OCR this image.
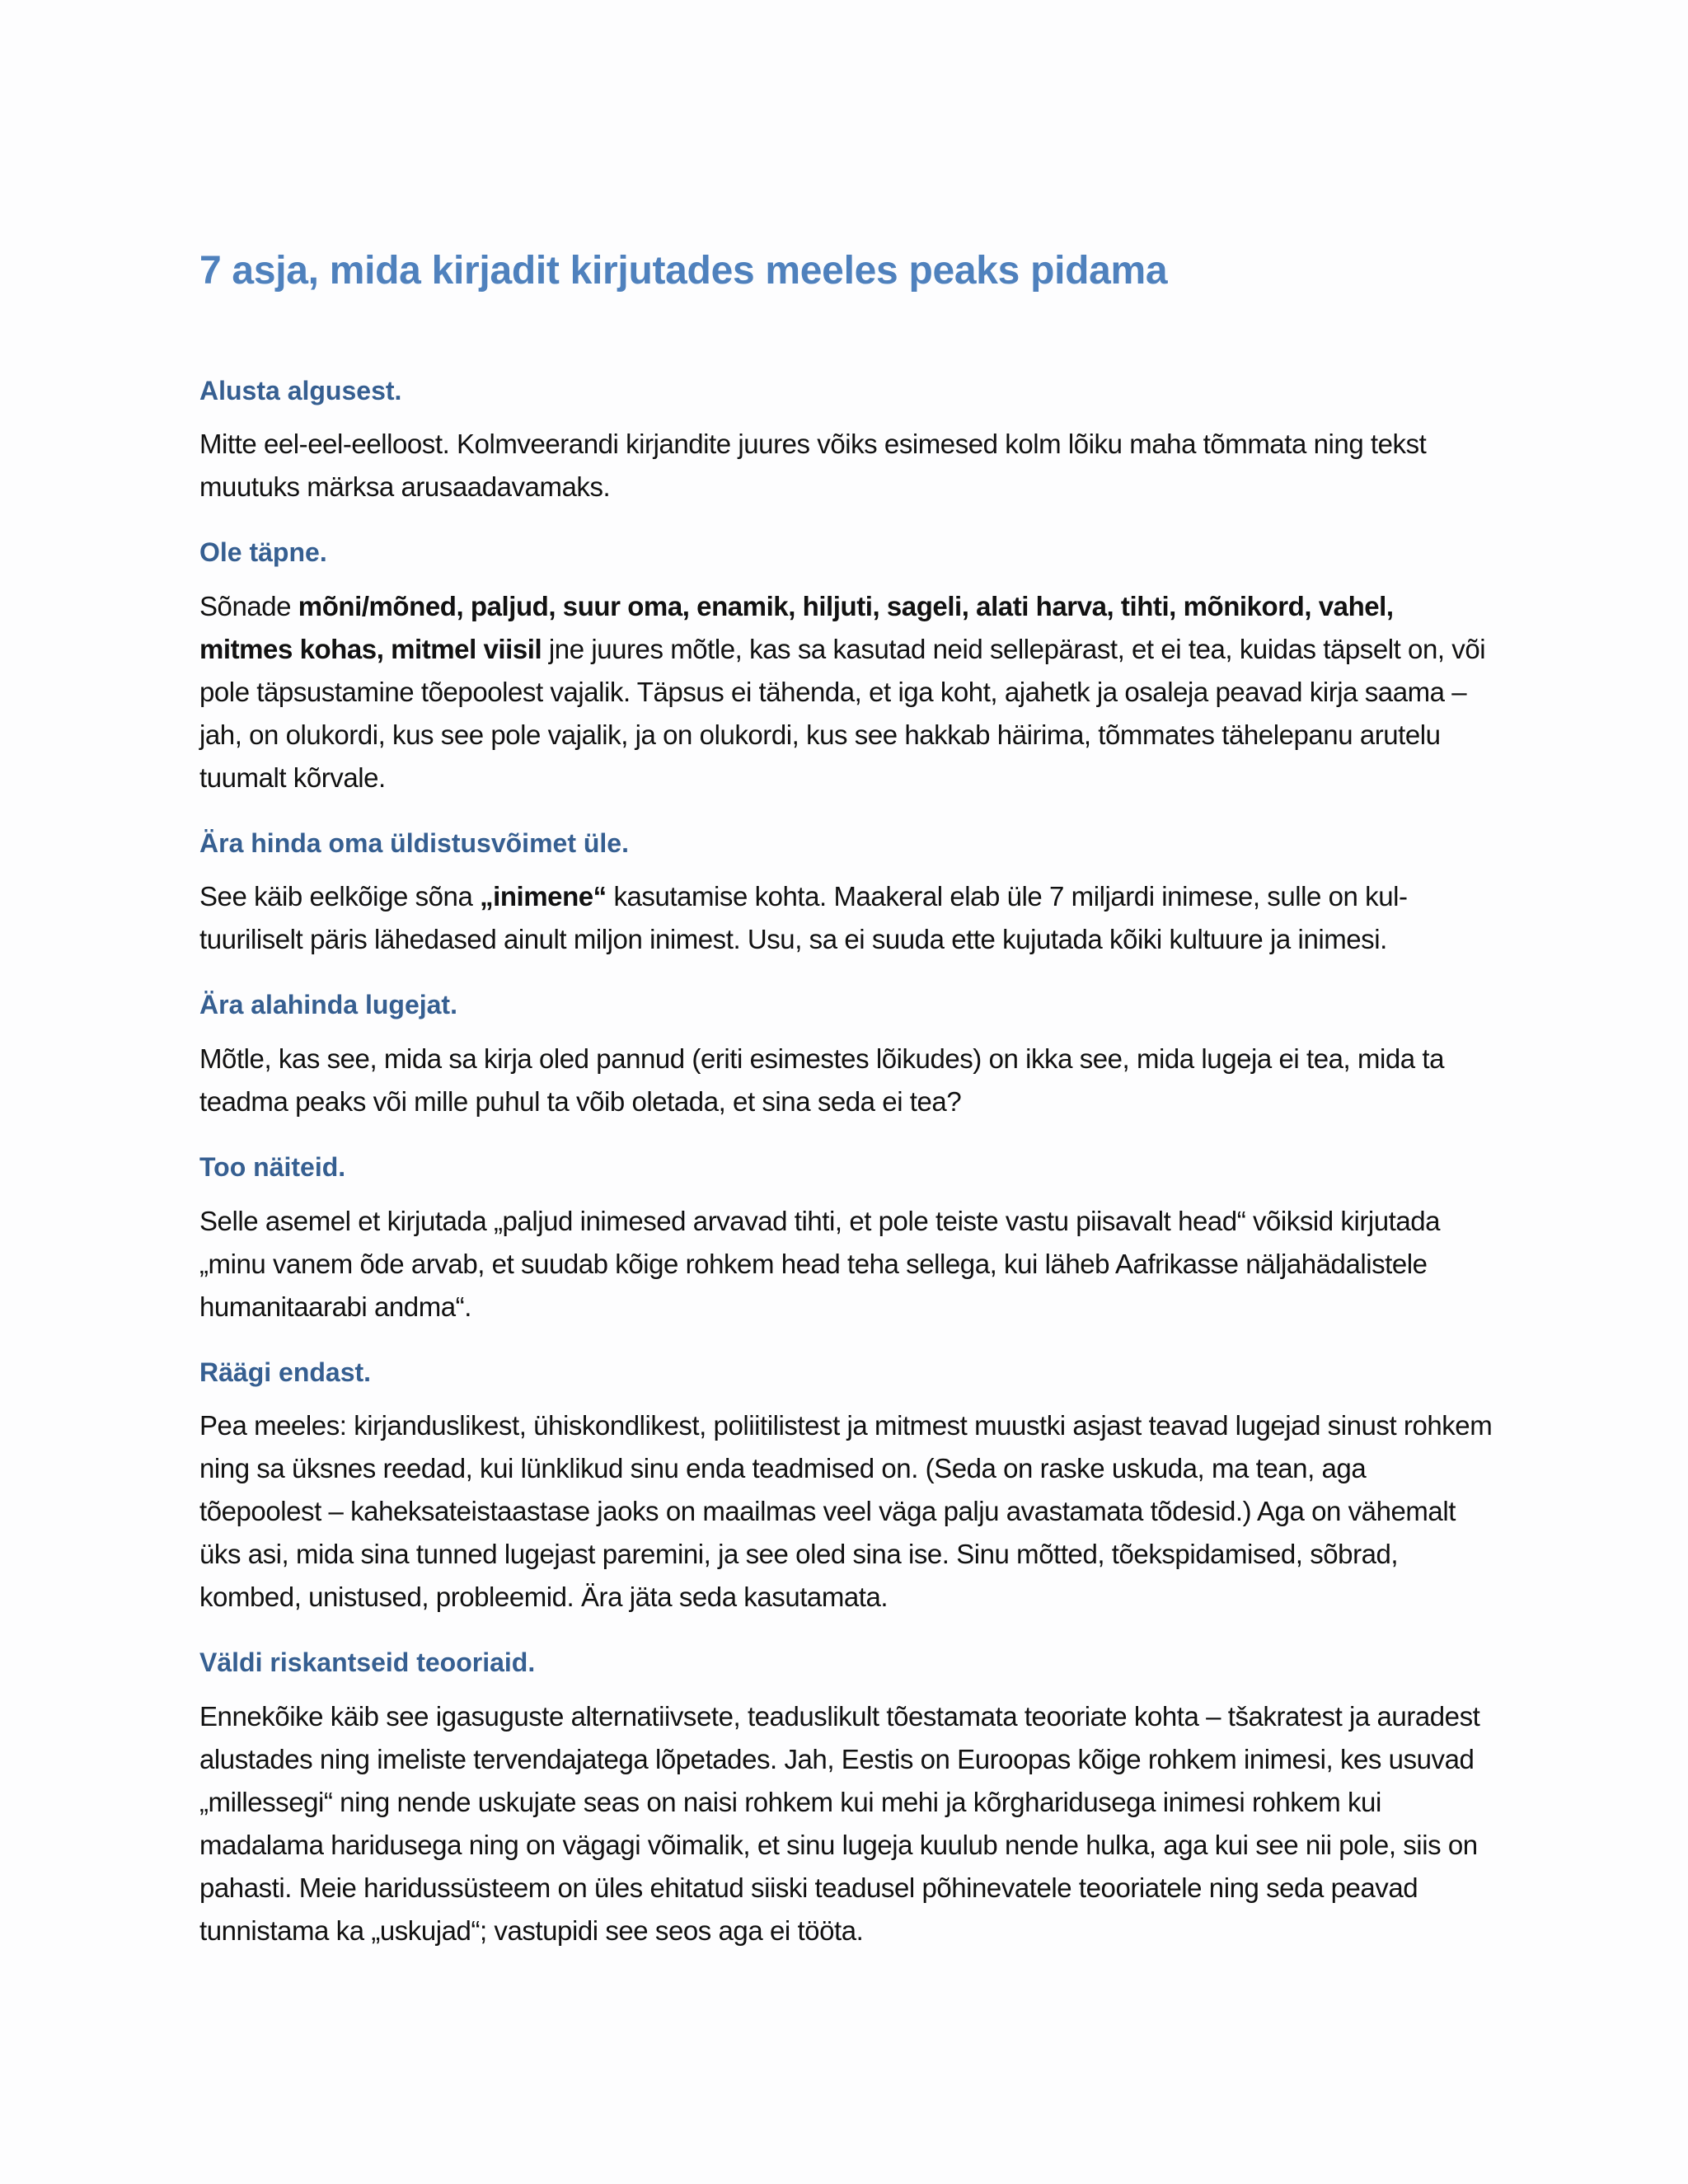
7 asja, mida kirjadit kirjutades meeles peaks pidama
Alusta algusest.

Mitte eel-eel-eelloost. Kolmveerandi kirjandite juures võiks esimesed kolm lõiku maha tõmmata ning tekst muutuks märksa arusaadavamaks.

Ole täpne.

Sõnade mõni/mõned, paljud, suur oma, enamik, hiljuti, sageli, alati harva, tihti, mõnikord, vahel, mitmes kohas, mitmel viisil jne juures mõtle, kas sa kasutad neid sellepärast, et ei tea, kuidas täpselt on, või pole täpsustamine tõepoolest vajalik. Täpsus ei tähenda, et iga koht, ajahetk ja osaleja peavad kirja saama – jah, on olukordi, kus see pole vajalik, ja on olukordi, kus see hakkab häirima, tõmmates tähelepanu arutelu tuumalt kõrvale.

Ära hinda oma üldistusvõimet üle.

See käib eelkõige sõna „inimene“ kasutamise kohta. Maakeral elab üle 7 miljardi inimese, sulle on kul-tuuriliselt päris lähedased ainult miljon inimest. Usu, sa ei suuda ette kujutada kõiki kultuure ja inimesi.

Ära alahinda lugejat.

Mõtle, kas see, mida sa kirja oled pannud (eriti esimestes lõikudes) on ikka see, mida lugeja ei tea, mida ta teadma peaks või mille puhul ta võib oletada, et sina seda ei tea?

Too näiteid.

Selle asemel et kirjutada „paljud inimesed arvavad tihti, et pole teiste vastu piisavalt head“ võiksid kirjutada „minu vanem õde arvab, et suudab kõige rohkem head teha sellega, kui läheb Aafrikasse näljahädalistele humanitaarabi andma“.

Räägi endast.

Pea meeles: kirjanduslikest, ühiskondlikest, poliitilistest ja mitmest muustki asjast teavad lugejad sinust rohkem ning sa üksnes reedad, kui lünklikud sinu enda teadmised on. (Seda on raske uskuda, ma tean, aga tõepoolest – kaheksateistaastase jaoks on maailmas veel väga palju avastamata tõdesid.) Aga on vähemalt üks asi, mida sina tunned lugejast paremini, ja see oled sina ise. Sinu mõtted, tõekspidamised, sõbrad, kombed, unistused, probleemid. Ära jäta seda kasutamata.

Väldi riskantseid teooriaid.

Ennekõike käib see igasuguste alternatiivsete, teaduslikult tõestamata teooriate kohta – tšakratest ja auradest alustades ning imeliste tervendajatega lõpetades. Jah, Eestis on Euroopas kõige rohkem inimesi, kes usuvad „millessegi“ ning nende uskujate seas on naisi rohkem kui mehi ja kõrgharidusega inimesi rohkem kui madalama haridusega ning on vägagi võimalik, et sinu lugeja kuulub nende hulka, aga kui see nii pole, siis on pahasti. Meie haridussüsteem on üles ehitatud siiski teadusel põhinevatele teooriatele ning seda peavad tunnistama ka „uskujad“; vastupidi see seos aga ei tööta.
